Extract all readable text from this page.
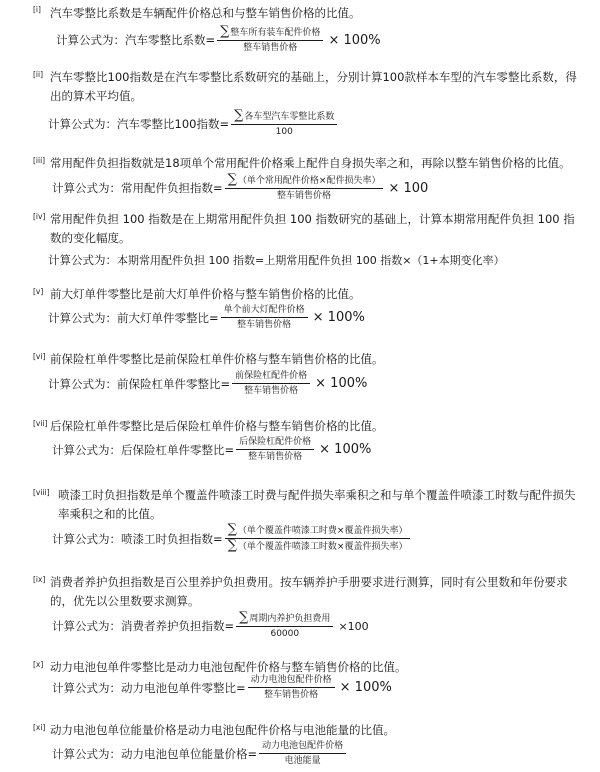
[i] 汽车零整比系数是车辆配件价格总和与整车销售价格的比值。
计算公式为： 汽车零整比系数= $\frac{\text{∑整车所有装车配件价格}}{\text{整车销售价格}} \times 100\%$
[ii] 汽车零整比100指数是在汽车零整比系数研究的基础上，分别计算100款样本车型的汽车零整比系数，得出的算术平均值。
计算公式为： 汽车零整比100指数= $\frac{\text{∑各车型汽车零整比系数}}{100}$
[iii] 常用配件负担指数就是18项单个常用配件价格乘上配件自身损失率之和，再除以整车销售价格的比值。
计算公式为： 常用配件负担指数= $\frac{\text{∑（单个常用配件价格×配件损失率）}}{\text{整车销售价格}} \times 100$
[iv] 常用配件负担 100 指数是在上期常用配件负担 100 指数研究的基础上，计算本期常用配件负担 100 指数的变化幅度。
计算公式为： 本期常用配件负担 100 指数=上期常用配件负担 100 指数×（1+本期变化率）
[v] 前大灯单件零整比是前大灯单件价格与整车销售价格的比值。
计算公式为： 前大灯单件零整比= $\frac{\text{单个前大灯配件价格}}{\text{整车销售价格}} \times 100\%$
[vi] 前保险杠单件零整比是前保险杠单件价格与整车销售价格的比值。
计算公式为： 前保险杠单件零整比= $\frac{\text{前保险杠配件价格}}{\text{整车销售价格}} \times 100\%$
[vii] 后保险杠单件零整比是后保险杠单件价格与整车销售价格的比值。
计算公式为： 后保险杠单件零整比= $\frac{\text{后保险杠配件价格}}{\text{整车销售价格}} \times 100\%$
[viii] 喷漆工时负担指数是单个覆盖件喷漆工时费与配件损失率乘积之和与单个覆盖件喷漆工时数与配件损失率乘积之和的比值。
计算公式为： 喷漆工时负担指数= $\frac{\text{∑（单个覆盖件喷漆工时费×覆盖件损失率）}}{\text{∑（单个覆盖件喷漆工时数×覆盖件损失率）}}$
[ix] 消费者养护负担指数是百公里养护负担费用。按车辆养护手册要求进行测算，同时有公里数和年份要求的，优先以公里数要求测算。
计算公式为： 消费者养护负担指数= $\frac{\text{∑周期内养护负担费用}}{60000} \times 100$
[x] 动力电池包单件零整比是动力电池包配件价格与整车销售价格的比值。
计算公式为： 动力电池包单件零整比= $\frac{\text{动力电池包配件价格}}{\text{整车销售价格}} \times 100\%$
[xi] 动力电池包单位能量价格是动力电池包配件价格与电池能量的比值。
计算公式为： 动力电池包单位能量价格= $\frac{\text{动力电池包配件价格}}{\text{电池能量}}$
